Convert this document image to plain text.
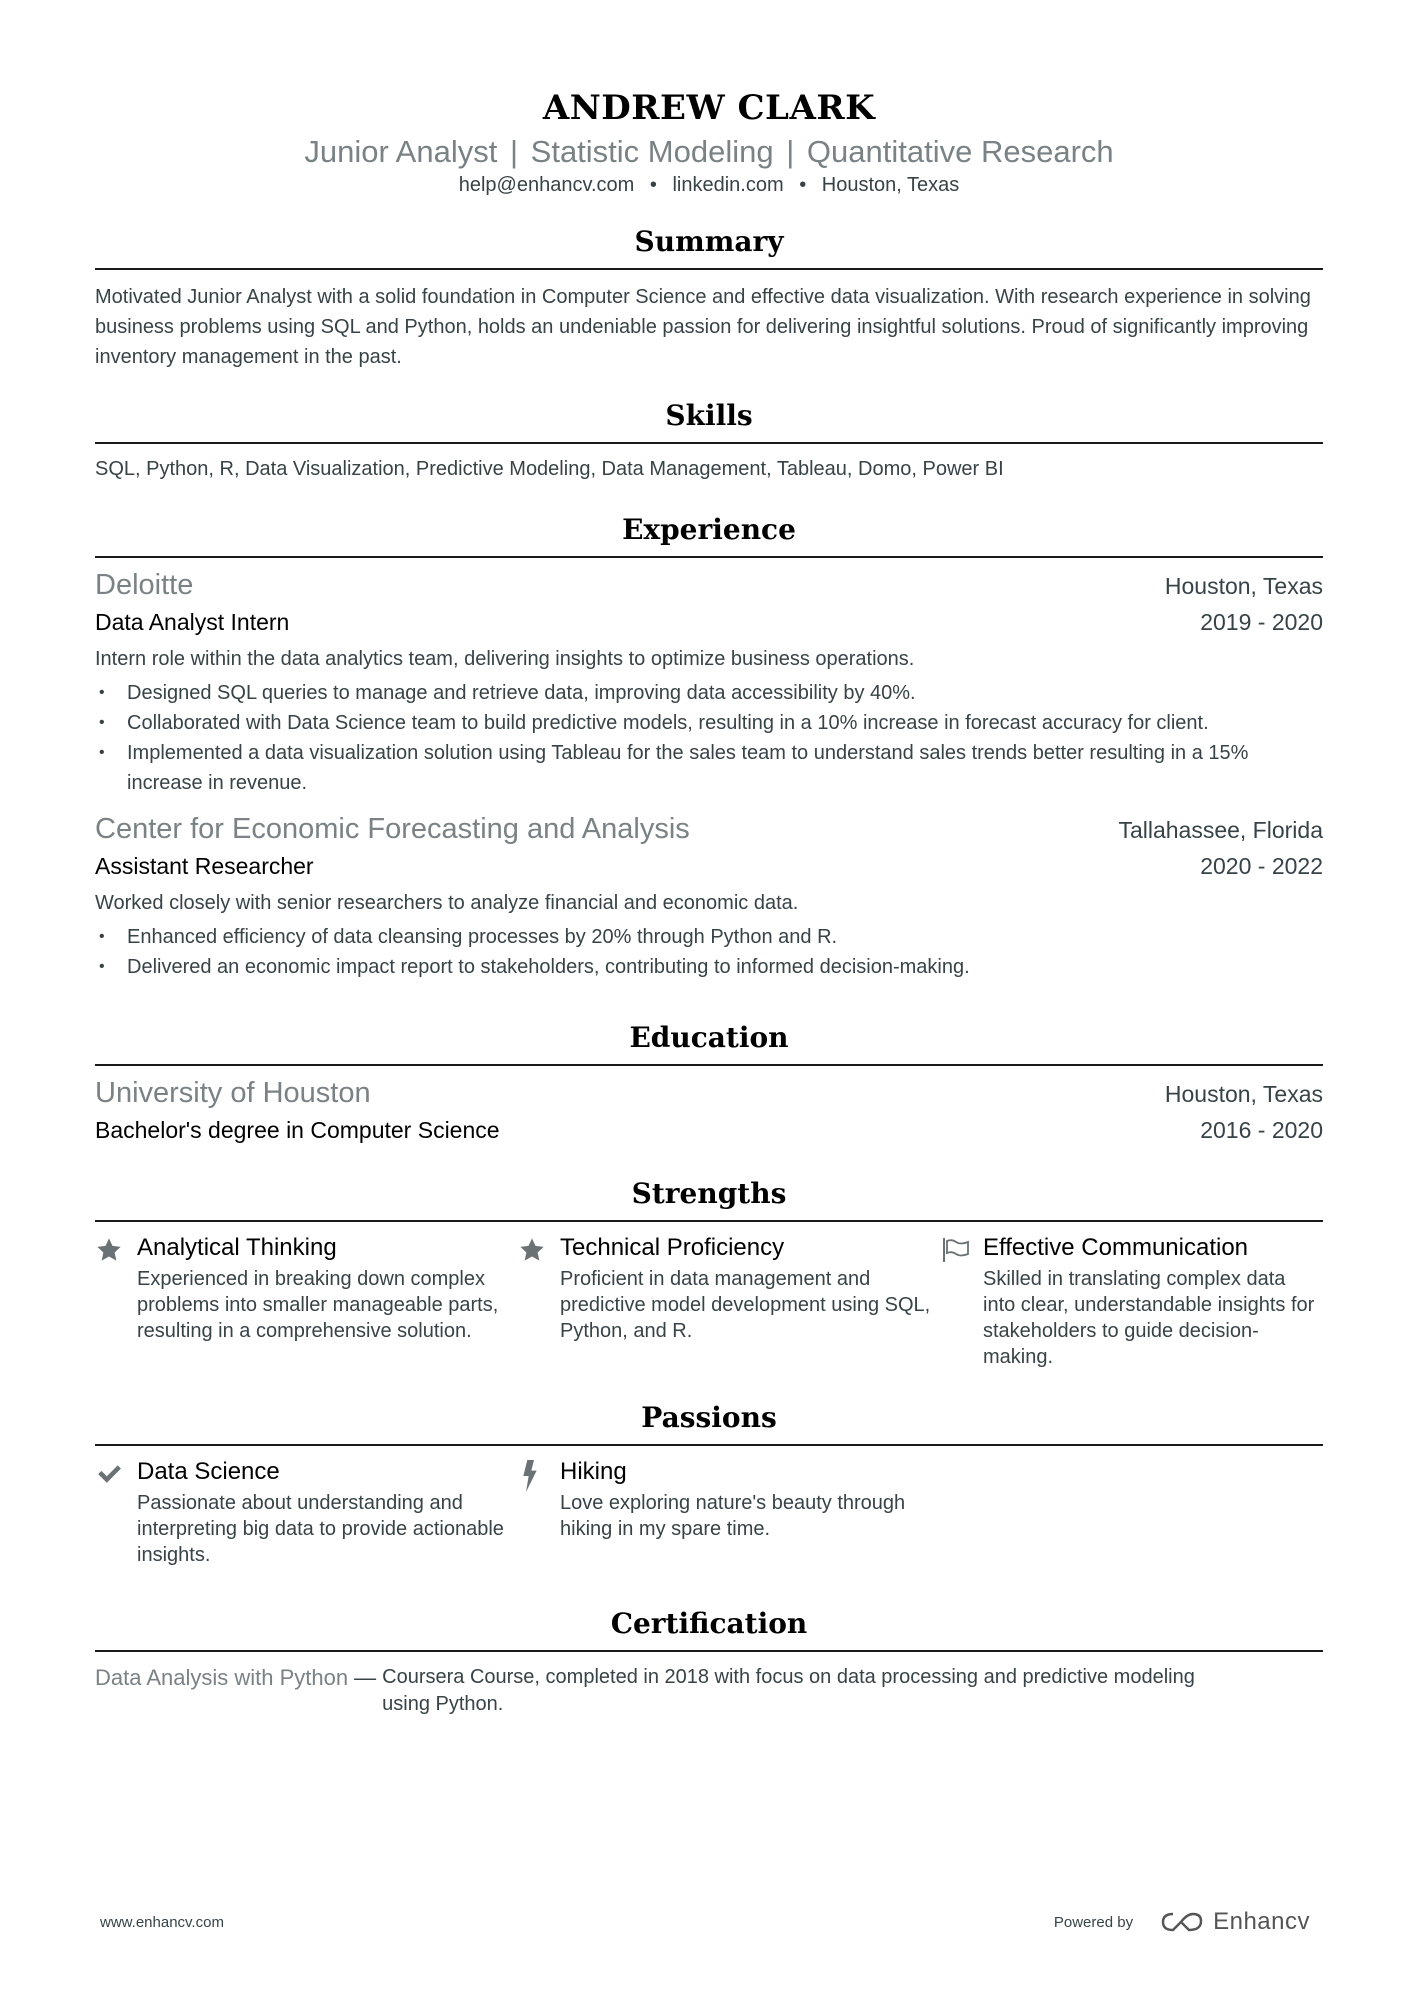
ANDREW CLARK
Junior Analyst | Statistic Modeling | Quantitative Research
help@enhancv.com • linkedin.com • Houston, Texas
Summary
Motivated Junior Analyst with a solid foundation in Computer Science and effective data visualization. With research experience in solving business problems using SQL and Python, holds an undeniable passion for delivering insightful solutions. Proud of significantly improving inventory management in the past.
Skills
SQL, Python, R, Data Visualization, Predictive Modeling, Data Management, Tableau, Domo, Power BI
Experience
Deloitte	Houston, Texas
Data Analyst Intern	2019 - 2020
Intern role within the data analytics team, delivering insights to optimize business operations.
• Designed SQL queries to manage and retrieve data, improving data accessibility by 40%.
• Collaborated with Data Science team to build predictive models, resulting in a 10% increase in forecast accuracy for client.
• Implemented a data visualization solution using Tableau for the sales team to understand sales trends better resulting in a 15% increase in revenue.
Center for Economic Forecasting and Analysis	Tallahassee, Florida
Assistant Researcher	2020 - 2022
Worked closely with senior researchers to analyze financial and economic data.
• Enhanced efficiency of data cleansing processes by 20% through Python and R.
• Delivered an economic impact report to stakeholders, contributing to informed decision-making.
Education
University of Houston	Houston, Texas
Bachelor's degree in Computer Science	2016 - 2020
Strengths
Analytical Thinking
Experienced in breaking down complex problems into smaller manageable parts, resulting in a comprehensive solution.
Technical Proficiency
Proficient in data management and predictive model development using SQL, Python, and R.
Effective Communication
Skilled in translating complex data into clear, understandable insights for stakeholders to guide decision-making.
Passions
Data Science
Passionate about understanding and interpreting big data to provide actionable insights.
Hiking
Love exploring nature's beauty through hiking in my spare time.
Certification
Data Analysis with Python — Coursera Course, completed in 2018 with focus on data processing and predictive modeling using Python.
www.enhancv.com	Powered by	Enhancv
